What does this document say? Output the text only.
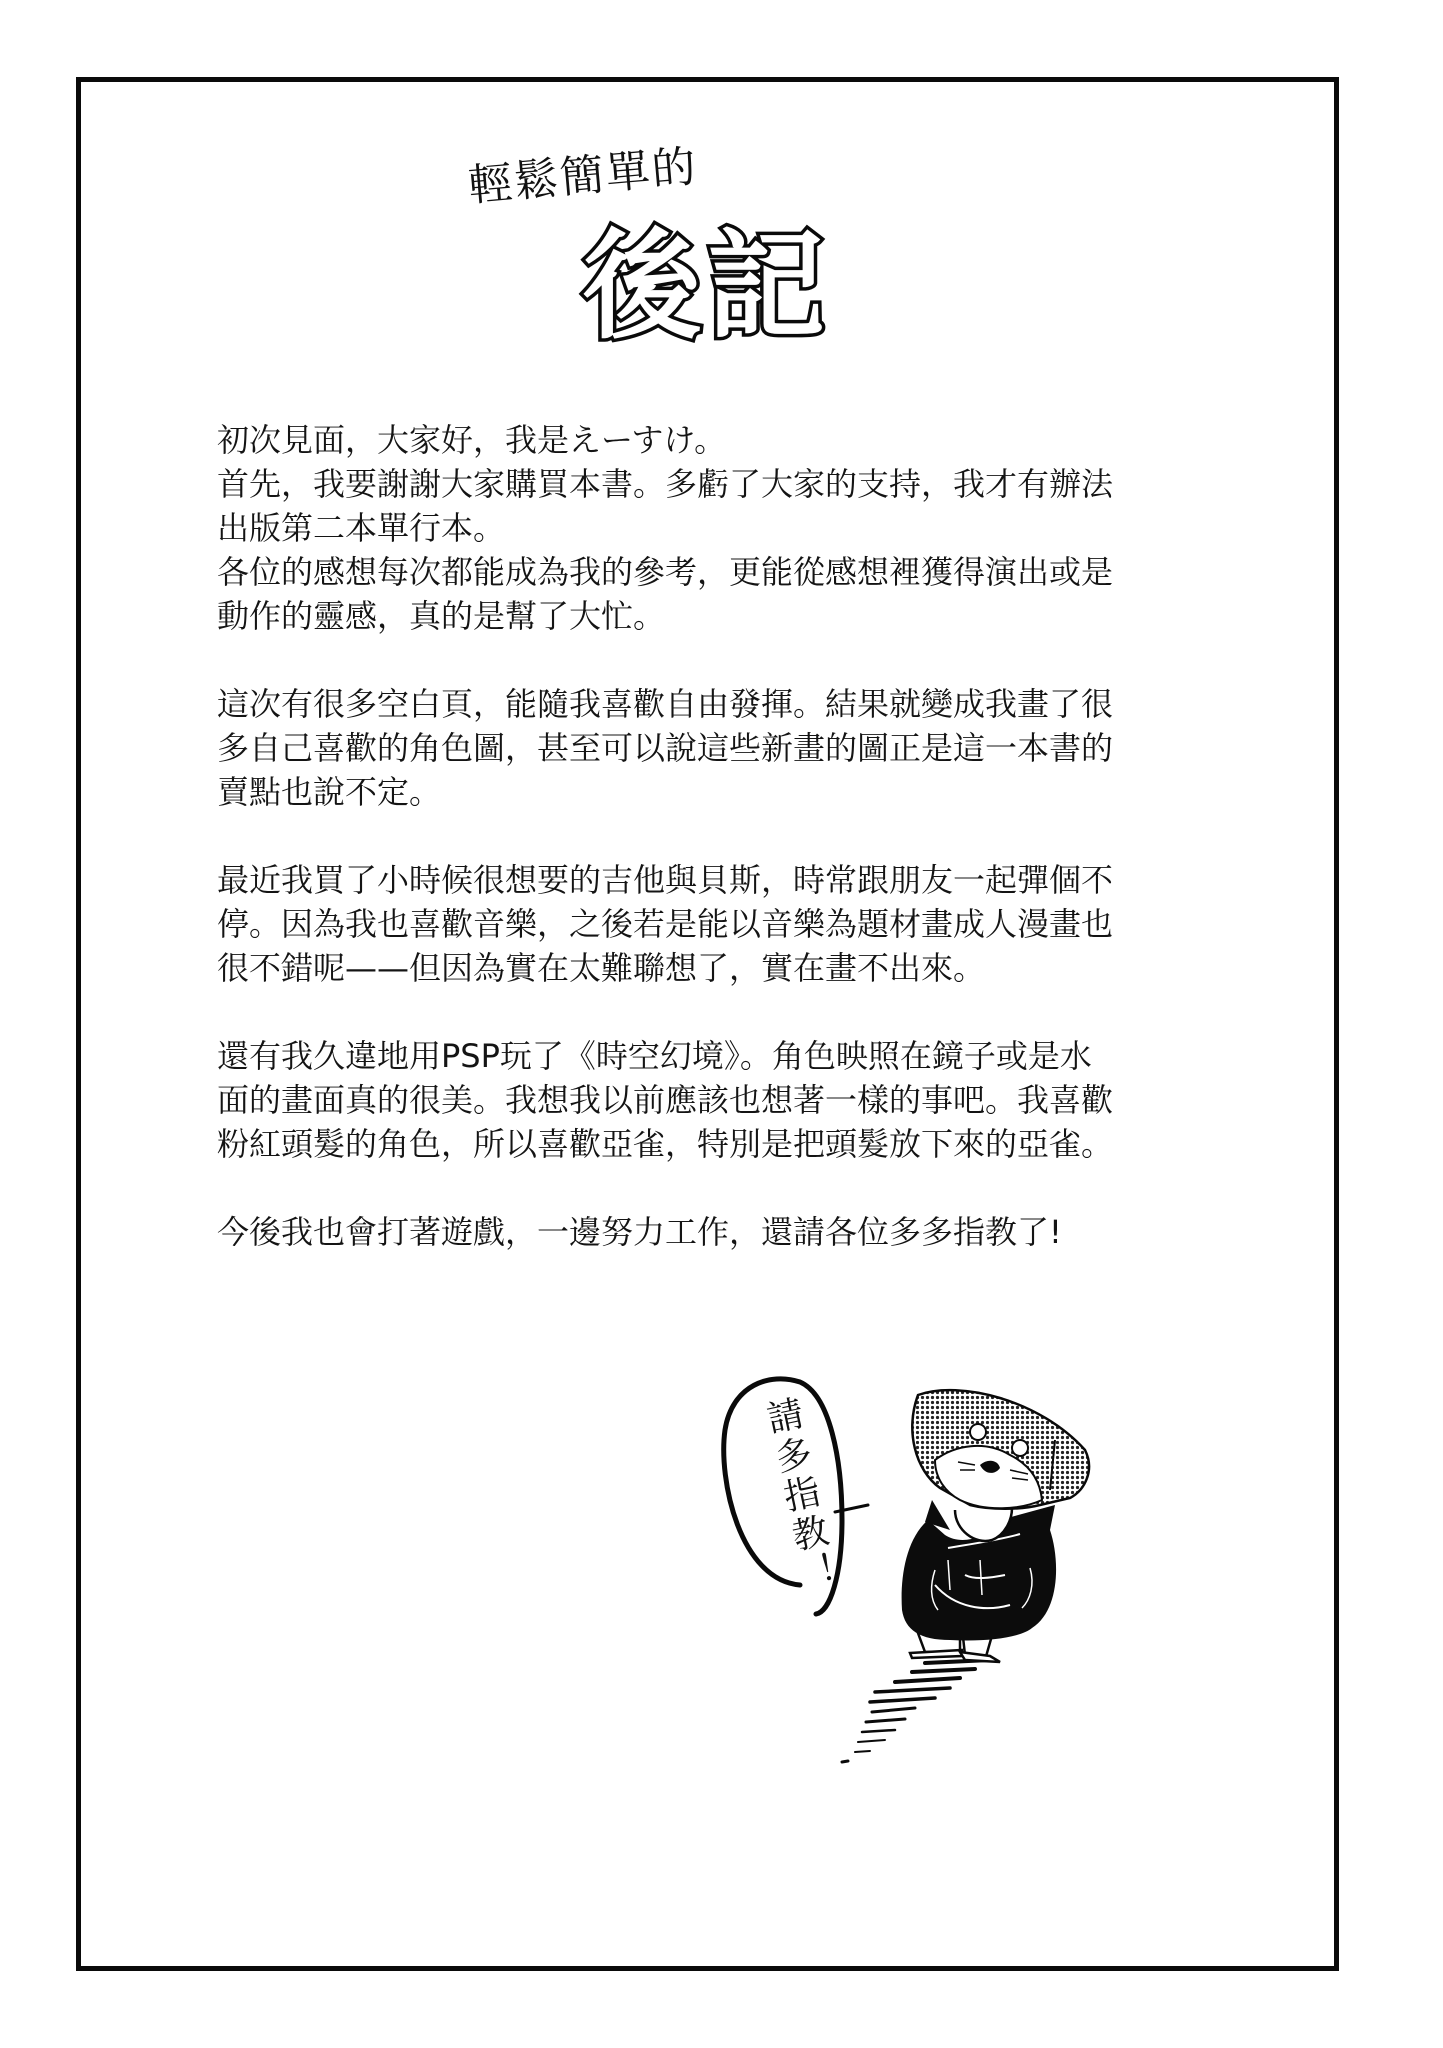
輕鬆簡單的
後記
初次見面，大家好，我是えーすけ。
首先，我要謝謝大家購買本書。多虧了大家的支持，我才有辦法
出版第二本單行本。
各位的感想每次都能成為我的參考，更能從感想裡獲得演出或是
動作的靈感，真的是幫了大忙。
這次有很多空白頁，能隨我喜歡自由發揮。結果就變成我畫了很
多自己喜歡的角色圖，甚至可以說這些新畫的圖正是這一本書的
賣點也說不定。
最近我買了小時候很想要的吉他與貝斯，時常跟朋友一起彈個不
停。因為我也喜歡音樂，之後若是能以音樂為題材畫成人漫畫也
很不錯呢——但因為實在太難聯想了，實在畫不出來。
還有我久違地用PSP玩了《時空幻境》。角色映照在鏡子或是水
面的畫面真的很美。我想我以前應該也想著一樣的事吧。我喜歡
粉紅頭髮的角色，所以喜歡亞雀，特別是把頭髮放下來的亞雀。
今後我也會打著遊戲，一邊努力工作，還請各位多多指教了!
請多指教！
